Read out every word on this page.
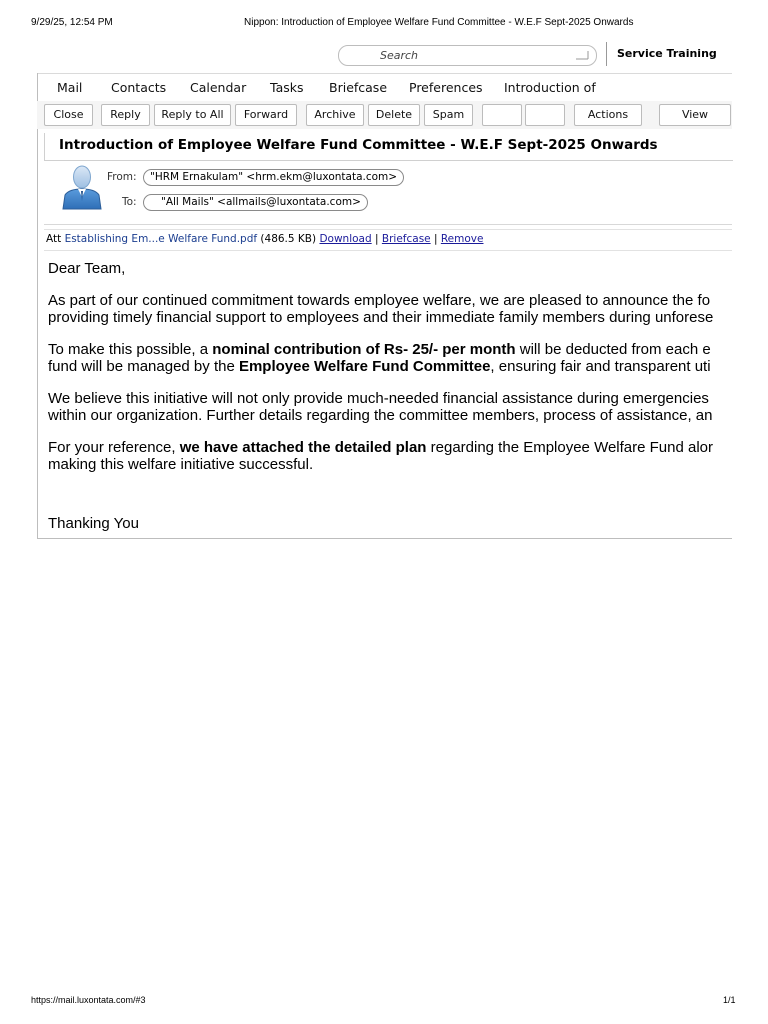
9/29/25, 12:54 PM	Nippon: Introduction of Employee Welfare Fund Committee - W.E.F Sept-2025 Onwards
https://mail.luxontata.com/#3	1/1
Search
Service Training
Mail Contacts Calendar Tasks Briefcase Preferences Introduction of
Close	Reply	Reply to All	Forward	Archive	Delete	Spam	Actions	View
Introduction of Employee Welfare Fund Committee - W.E.F Sept-2025 Onwards
From:	"HRM Ernakulam" <hrm.ekm@luxontata.com>
To:	"All Mails" <allmails@luxontata.com>
Att Establishing Em...e Welfare Fund.pdf (486.5 KB) Download | Briefcase | Remove

Dear Team,

As part of our continued commitment towards employee welfare, we are pleased to announce the fo
providing timely financial support to employees and their immediate family members during unforese

To make this possible, a nominal contribution of Rs- 25/- per month will be deducted from each e
fund will be managed by the Employee Welfare Fund Committee, ensuring fair and transparent uti

We believe this initiative will not only provide much-needed financial assistance during emergencies
within our organization. Further details regarding the committee members, process of assistance, an

For your reference, we have attached the detailed plan regarding the Employee Welfare Fund alor
making this welfare initiative successful.

Thanking You
